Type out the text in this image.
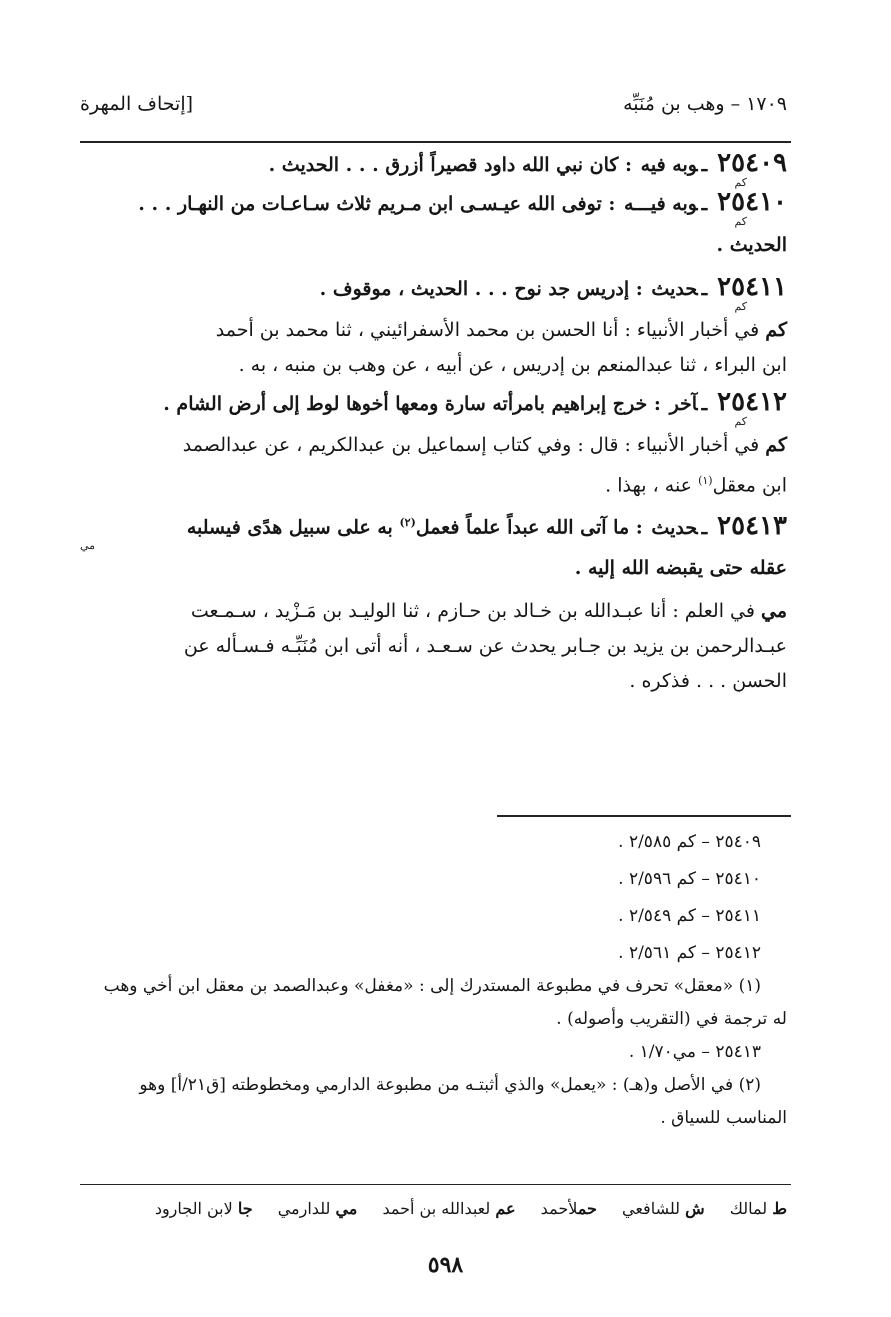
١٧٠٩ – وهب بن مُنَبِّه
[إتحاف المهرة
٢٥٤٠٩ـوبه فيه : كان نبي الله داود قصيراً أزرق . . . الحديث .
كم
٢٥٤١٠ـوبه فيـــه : توفى الله عيـسـى ابن مـريم ثلاث سـاعـات من النهـار . . .
كم
الحديث .
٢٥٤١١ـحديث : إدريس جد نوح . . . الحديث ، موقوف .
كم
كم في أخبار الأنبياء : أنا الحسن بن محمد الأسفرائيني ، ثنا محمد بن أحمد
ابن البراء ، ثنا عبدالمنعم بن إدريس ، عن أبيه ، عن وهب بن منبه ، به .
٢٥٤١٢ـآخر : خرج إبراهيم بامرأته سارة ومعها أخوها لوط إلى أرض الشام .
كم
كم في أخبار الأنبياء : قال : وفي كتاب إسماعيل بن عبدالكريم ، عن عبدالصمد
ابن معقل$^{(١)}$ عنه ، بهذا .
٢٥٤١٣ـحديث : ما آتى الله عبداً علماً فعمل$^{(٢)}$ به على سبيل هدًى فيسلبه
مي
عقله حتى يقبضه الله إليه .
مي في العلم : أنا عبـدالله بن خـالد بن حـازم ، ثنا الوليـد بن مَـزْيد ، سـمـعت
عبـدالرحمن بن يزيد بن جـابر يحدث عن سـعـد ، أنه أتى ابن مُنَبِّـه فـسـأله عن
الحسن . . . فذكره .
٢٥٤٠٩ – كم ٢/٥٨٥ .
٢٥٤١٠ – كم ٢/٥٩٦ .
٢٥٤١١ – كم ٢/٥٤٩ .
٢٥٤١٢ – كم ٢/٥٦١ .
(١) «معقل» تحرف في مطبوعة المستدرك إلى : «مغفل» وعبدالصمد بن معقل ابن أخي وهب
له ترجمة في (التقريب وأصوله) .
٢٥٤١٣ – مي١/٧٠ .
(٢) في الأصل و(هـ) : «يعمل» والذي أثبتـه من مطبوعة الدارمي ومخطوطته [ق٢١/أ] وهو
المناسب للسياق .
ط لمالك ش للشافعي حملأحمد عم لعبدالله بن أحمد مي للدارمي جا لابن الجارود
٥٩٨
